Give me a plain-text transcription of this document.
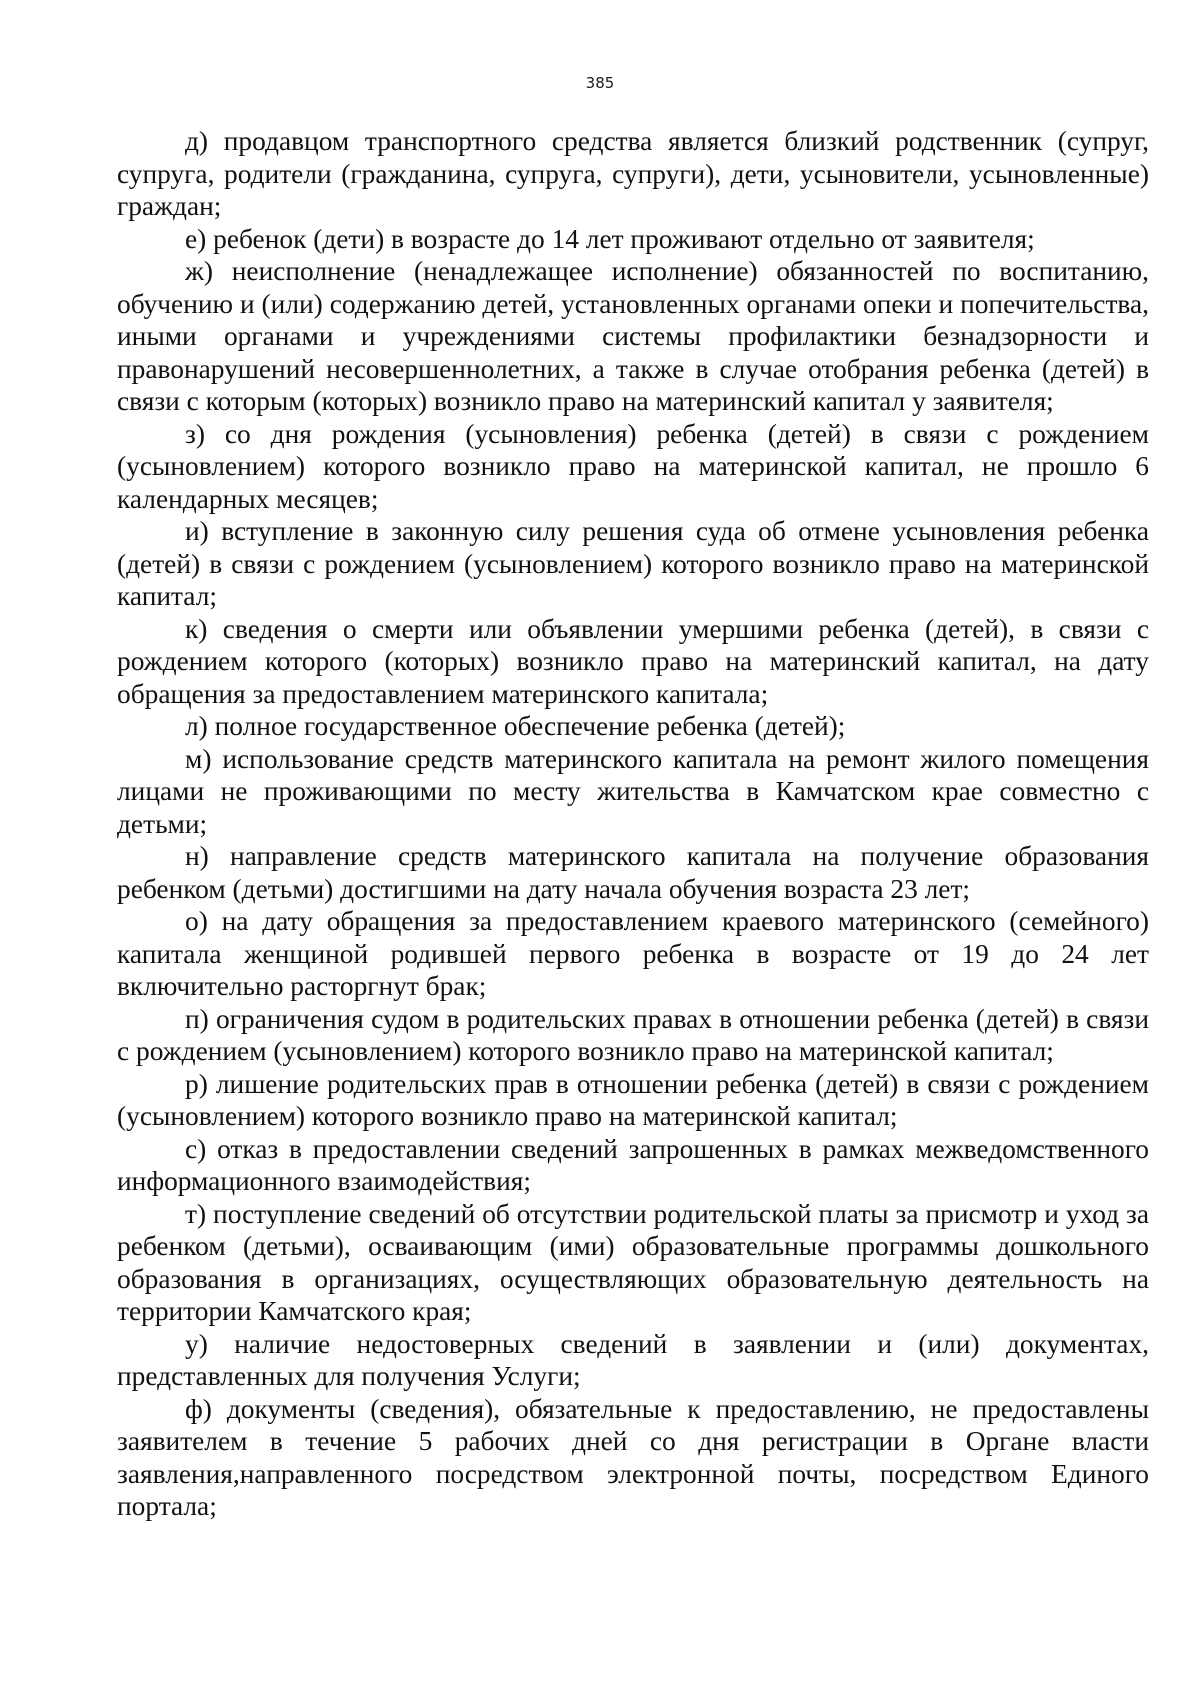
385

д) продавцом транспортного средства является близкий родственник (супруг, супруга, родители (гражданина, супруга, супруги), дети, усыновители, усыновленные) граждан;

е) ребенок (дети) в возрасте до 14 лет проживают отдельно от заявителя;

ж) неисполнение (ненадлежащее исполнение) обязанностей по воспитанию, обучению и (или) содержанию детей, установленных органами опеки и попечительства, иными органами и учреждениями системы профилактики безнадзорности и правонарушений несовершеннолетних, а также в случае отобрания ребенка (детей) в связи с которым (которых) возникло право на материнский капитал у заявителя;

з) со дня рождения (усыновления) ребенка (детей) в связи с рождением (усыновлением) которого возникло право на материнской капитал, не прошло 6 календарных месяцев;

и) вступление в законную силу решения суда об отмене усыновления ребенка (детей) в связи с рождением (усыновлением) которого возникло право на материнской капитал;

к) сведения о смерти или объявлении умершими ребенка (детей), в связи с рождением которого (которых) возникло право на материнский капитал, на дату обращения за предоставлением материнского капитала;

л) полное государственное обеспечение ребенка (детей);

м) использование средств материнского капитала на ремонт жилого помещения лицами не проживающими по месту жительства в Камчатском крае совместно с детьми;

н) направление средств материнского капитала на получение образования ребенком (детьми) достигшими на дату начала обучения возраста 23 лет;

о) на дату обращения за предоставлением краевого материнского (семейного) капитала женщиной родившей первого ребенка в возрасте от 19 до 24 лет включительно расторгнут брак;

п) ограничения судом в родительских правах в отношении ребенка (детей) в связи с рождением (усыновлением) которого возникло право на материнской капитал;

р) лишение родительских прав в отношении ребенка (детей) в связи с рождением (усыновлением) которого возникло право на материнской капитал;

с) отказ в предоставлении сведений запрошенных в рамках межведомственного информационного взаимодействия;

т) поступление сведений об отсутствии родительской платы за присмотр и уход за ребенком (детьми), осваивающим (ими) образовательные программы дошкольного образования в организациях, осуществляющих образовательную деятельность на территории Камчатского края;

у) наличие недостоверных сведений в заявлении и (или) документах, представленных для получения Услуги;

ф) документы (сведения), обязательные к предоставлению, не предоставлены заявителем в течение 5 рабочих дней со дня регистрации в Органе власти заявления,направленного посредством электронной почты, посредством Единого портала;
